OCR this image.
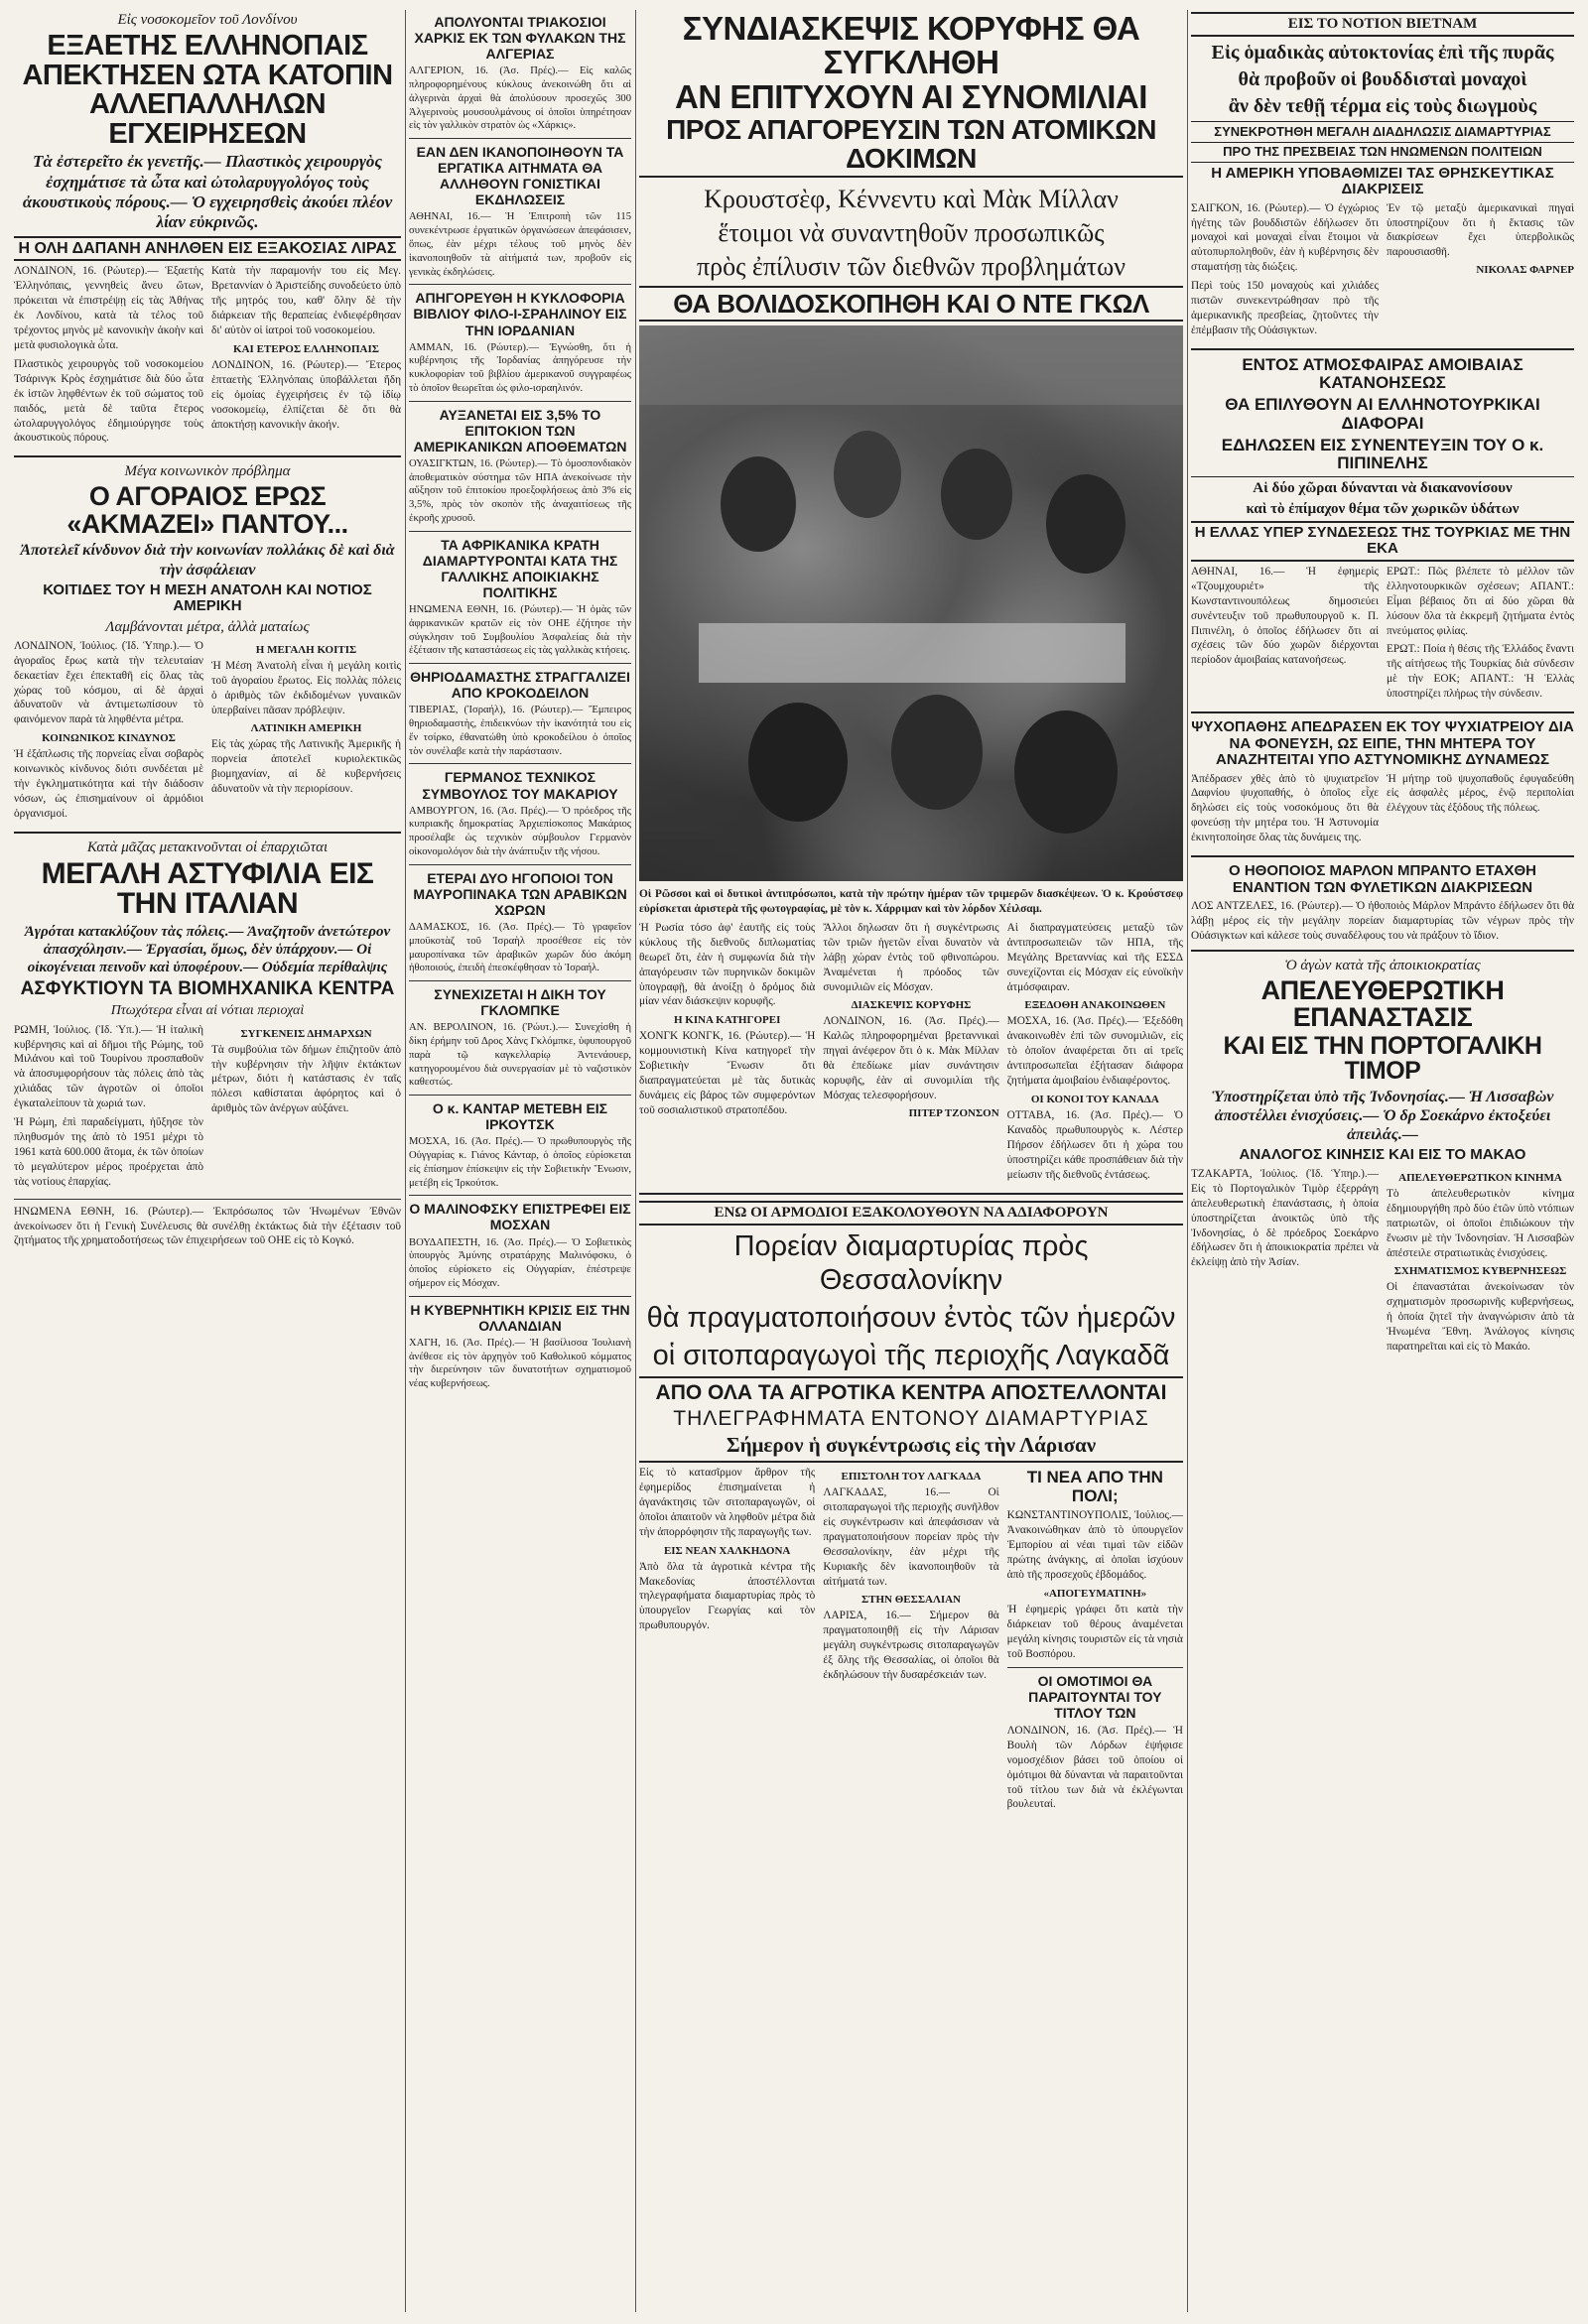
Εἰς νοσοκομεῖον τοῦ Λονδίνου
ΕΞΑΕΤΗΣ ΕΛΛΗΝΟΠΑΙΣ ΑΠΕΚΤΗΣΕΝ ΩΤΑ ΚΑΤΟΠΙΝ ΑΛΛΕΠΑΛΛΗΛΩΝ ΕΓΧΕΙΡΗΣΕΩΝ
Τὰ ἐστερεῖτο ἐκ γενετῆς.— Πλαστικὸς χειρουργὸς ἐσχημάτισε τὰ ὦτα καὶ ὠτολαρυγγολόγος τοὺς ἀκουστικοὺς πόρους.— Ὁ εγχειρησθεὶς ἀκούει πλέον λίαν εὐκρινῶς.
Η ΟΛΗ ΔΑΠΑΝΗ ΑΝΗΛΘΕΝ ΕΙΣ ΕΞΑΚΟΣΙΑΣ ΛΙΡΑΣ

ΛΟΝΔΙΝΟΝ, 16. (Ρώυτερ).— Ἑξαετὴς Ἑλληνόπαις, γεννηθεὶς ἄνευ ὤτων, πρόκειται νὰ ἐπιστρέψῃ εἰς τὰς Ἀθήνας ἐκ Λονδίνου, κατὰ τὰ τέλος τοῦ τρέχοντος μηνὸς μὲ κανονικὴν ἀκοὴν καὶ μετὰ φυσιολογικὰ ὦτα.

Πλαστικὸς χειρουργὸς τοῦ νοσοκομείου Τσάρινγκ Κρὸς ἐσχημάτισε διὰ δύο ὦτα ἐκ ἱστῶν ληφθέντων ἐκ τοῦ σώματος τοῦ παιδός, μετὰ δὲ ταῦτα ἕτερος ὠτολαρυγγολόγος ἐδημιούργησε τοὺς ἀκουστικοὺς πόρους.

Κατὰ τὴν παραμονήν του εἰς Μεγ. Βρεταννίαν ὁ Ἀριστείδης συνοδεύετο ὑπὸ τῆς μητρός του, καθ' ὅλην δὲ τὴν διάρκειαν τῆς θεραπείας ἐνδιεφέρθησαν δι' αὐτὸν οἱ ἰατροὶ τοῦ νοσοκομείου.

ΚΑΙ ΕΤΕΡΟΣ ΕΛΛΗΝΟΠΑΙΣ

ΛΟΝΔΙΝΟΝ, 16. (Ρώυτερ).— Ἕτερος ἑπταετὴς Ἑλληνόπαις ὑποβάλλεται ἤδη εἰς ὁμοίας ἐγχειρήσεις ἐν τῷ ἰδίῳ νοσοκομείῳ, ἐλπίζεται δὲ ὅτι θὰ ἀποκτήσῃ κανονικὴν ἀκοήν.

Μέγα κοινωνικὸν πρόβλημα
Ο ΑΓΟΡΑΙΟΣ ΕΡΩΣ «ΑΚΜΑΖΕΙ» ΠΑΝΤΟΥ...
Ἀποτελεῖ κίνδυνον διὰ τὴν κοινωνίαν πολλάκις δὲ καὶ διὰ τὴν ἀσφάλειαν
ΚΟΙΤΙΔΕΣ ΤΟΥ Η ΜΕΣΗ ΑΝΑΤΟΛΗ ΚΑΙ ΝΟΤΙΟΣ ΑΜΕΡΙΚΗ
Λαμβάνονται μέτρα, ἀλλὰ ματαίως

ΛΟΝΔΙΝΟΝ, Ἰούλιος. (Ἰδ. Ὑπηρ.).— Ὁ ἀγοραῖος ἔρως κατὰ τὴν τελευταίαν δεκαετίαν ἔχει ἐπεκταθῆ εἰς ὅλας τὰς χώρας τοῦ κόσμου, αἱ δὲ ἀρχαὶ ἀδυνατοῦν νὰ ἀντιμετωπίσουν τὸ φαινόμενον παρὰ τὰ ληφθέντα μέτρα.

ΚΟΙΝΩΝΙΚΟΣ ΚΙΝΔΥΝΟΣ

Ἡ ἐξάπλωσις τῆς πορνείας εἶναι σοβαρὸς κοινωνικὸς κίνδυνος διότι συνδέεται μὲ τὴν ἐγκληματικότητα καὶ τὴν διάδοσιν νόσων, ὡς ἐπισημαίνουν οἱ ἁρμόδιοι ὀργανισμοί.

Η ΜΕΓΑΛΗ ΚΟΙΤΙΣ

Ἡ Μέση Ἀνατολὴ εἶναι ἡ μεγάλη κοιτὶς τοῦ ἀγοραίου ἔρωτος. Εἰς πολλὰς πόλεις ὁ ἀριθμὸς τῶν ἐκδιδομένων γυναικῶν ὑπερβαίνει πᾶσαν πρόβλεψιν.

ΛΑΤΙΝΙΚΗ ΑΜΕΡΙΚΗ

Εἰς τὰς χώρας τῆς Λατινικῆς Ἀμερικῆς ἡ πορνεία ἀποτελεῖ κυριολεκτικῶς βιομηχανίαν, αἱ δὲ κυβερνήσεις ἀδυνατοῦν νὰ τὴν περιορίσουν.

Κατὰ μᾶζας μετακινοῦνται οἱ ἐπαρχιῶται
ΜΕΓΑΛΗ ΑΣΤΥΦΙΛΙΑ ΕΙΣ ΤΗΝ ΙΤΑΛΙΑΝ
Ἀγρόται κατακλύζουν τὰς πόλεις.— Ἀναζητοῦν ἀνετώτερον ἀπασχόλησιν.— Ἐργασίαι, ὅμως, δὲν ὑπάρχουν.— Οἱ οἰκογένειαι πεινοῦν καὶ ὑποφέρουν.— Οὐδεμία περίθαλψις
ΑΣΦΥΚΤΙΟΥΝ ΤΑ ΒΙΟΜΗΧΑΝΙΚΑ ΚΕΝΤΡΑ
Πτωχότερα εἶναι αἱ νότιαι περιοχαὶ

ΡΩΜΗ, Ἰούλιος. (Ἰδ. Ὑπ.).— Ἡ ἰταλικὴ κυβέρνησις καὶ αἱ δῆμοι τῆς Ρώμης, τοῦ Μιλάνου καὶ τοῦ Τουρίνου προσπαθοῦν νὰ ἀποσυμφορήσουν τὰς πόλεις ἀπὸ τὰς χιλιάδας τῶν ἀγροτῶν οἱ ὁποῖοι ἐγκαταλείπουν τὰ χωριά των.

Ἡ Ρώμη, ἐπὶ παραδείγματι, ἠὔξησε τὸν πληθυσμόν της ἀπὸ τὸ 1951 μέχρι τὸ 1961 κατὰ 600.000 ἄτομα, ἐκ τῶν ὁποίων τὸ μεγαλύτερον μέρος προέρχεται ἀπὸ τὰς νοτίους ἐπαρχίας.

ΣΥΓΚΕΝΕΙΣ ΔΗΜΑΡΧΩΝ

Τὰ συμβούλια τῶν δήμων ἐπιζητοῦν ἀπὸ τὴν κυβέρνησιν τὴν λῆψιν ἐκτάκτων μέτρων, διότι ἡ κατάστασις ἐν ταῖς πόλεσι καθίσταται ἀφόρητος καὶ ὁ ἀριθμὸς τῶν ἀνέργων αὐξάνει.

ΗΝΩΜΕΝΑ ΕΘΝΗ, 16. (Ρώυτερ).— Ἐκπρόσωπος τῶν Ἡνωμένων Ἐθνῶν ἀνεκοίνωσεν ὅτι ἡ Γενικὴ Συνέλευσις θὰ συνέλθῃ ἐκτάκτως διὰ τὴν ἐξέτασιν τοῦ ζητήματος τῆς χρηματοδοτήσεως τῶν ἐπιχειρήσεων τοῦ ΟΗΕ εἰς τὸ Κογκό.

ΑΠΟΛΥΟΝΤΑΙ ΤΡΙΑΚΟΣΙΟΙ ΧΑΡΚΙΣ ΕΚ ΤΩΝ ΦΥΛΑΚΩΝ ΤΗΣ ΑΛΓΕΡΙΑΣ

ΑΛΓΕΡΙΟΝ, 16. (Ἀσ. Πρές).— Εἰς καλῶς πληροφορημένους κύκλους ἀνεκοινώθη ὅτι αἱ ἀλγερινὰι ἀρχαὶ θὰ ἀπολύσουν προσεχῶς 300 Ἀλγερινοὺς μουσουλμάνους οἱ ὁποῖοι ὑπηρέτησαν εἰς τὸν γαλλικὸν στρατὸν ὡς «Χάρκις».

ΕΑΝ ΔΕΝ ΙΚΑΝΟΠΟΙΗΘΟΥΝ ΤΑ ΕΡΓΑΤΙΚΑ ΑΙΤΗΜΑΤΑ ΘΑ ΑΛΛΗΘΟΥΝ ΓΟΝΙΣΤΙΚΑΙ ΕΚΔΗΛΩΣΕΙΣ

ΑΘΗΝΑΙ, 16.— Ἡ Ἐπιτροπὴ τῶν 115 συνεκέντρωσε ἐργατικῶν ὀργανώσεων ἀπεφάσισεν, ὅπως, ἐὰν μέχρι τέλους τοῦ μηνὸς δὲν ἱκανοποιηθοῦν τὰ αἰτήματά των, προβοῦν εἰς γενικὰς ἐκδηλώσεις.

ΑΠΗΓΟΡΕΥΘΗ Η ΚΥΚΛΟΦΟΡΙΑ ΒΙΒΛΙΟΥ ΦΙΛΟ-Ι-ΣΡΑΗΛΙΝΟΥ ΕΙΣ ΤΗΝ ΙΟΡΔΑΝΙΑΝ

ΑΜΜΑΝ, 16. (Ρώυτερ).— Ἐγνώσθη, ὅτι ἡ κυβέρνησις τῆς Ἰορδανίας ἀπηγόρευσε τὴν κυκλοφορίαν τοῦ βιβλίου ἀμερικανοῦ συγγραφέως τὸ ὁποῖον θεωρεῖται ὡς φιλο-ισραηλινόν.

ΑΥΞΑΝΕΤΑΙ ΕΙΣ 3,5% ΤΟ ΕΠΙΤΟΚΙΟΝ ΤΩΝ ΑΜΕΡΙΚΑΝΙΚΩΝ ΑΠΟΘΕΜΑΤΩΝ

ΟΥΑΣΙΓΚΤΩΝ, 16. (Ρώυτερ).— Τὸ ὁμοσπονδιακὸν ἀποθεματικὸν σύστημα τῶν ΗΠΑ ἀνεκοίνωσε τὴν αὔξησιν τοῦ ἐπιτοκίου προεξοφλήσεως ἀπὸ 3% εἰς 3,5%, πρὸς τὸν σκοπὸν τῆς ἀναχαιτίσεως τῆς ἐκροῆς χρυσοῦ.

ΤΑ ΑΦΡΙΚΑΝΙΚΑ ΚΡΑΤΗ ΔΙΑΜΑΡΤΥΡΟΝΤΑΙ ΚΑΤΑ ΤΗΣ ΓΑΛΛΙΚΗΣ ΑΠΟΙΚΙΑΚΗΣ ΠΟΛΙΤΙΚΗΣ

ΗΝΩΜΕΝΑ ΕΘΝΗ, 16. (Ρώυτερ).— Ἡ ὁμὰς τῶν ἀφρικανικῶν κρατῶν εἰς τὸν ΟΗΕ ἐζήτησε τὴν σύγκλησιν τοῦ Συμβουλίου Ἀσφαλείας διὰ τὴν ἐξέτασιν τῆς καταστάσεως εἰς τὰς γαλλικὰς κτήσεις.

ΘΗΡΙΟΔΑΜΑΣΤΗΣ ΣΤΡΑΓΓΑΛΙΖΕΙ ΑΠΟ ΚΡΟΚΟΔΕΙΛΟΝ

ΤΙΒΕΡΙΑΣ, (Ἰσραήλ), 16. (Ρώυτερ).— Ἔμπειρος θηριοδαμαστὴς, ἐπιδεικνύων τὴν ἱκανότητά του εἰς ἔν τσίρκο, ἐθανατώθη ὑπὸ κροκοδείλου ὁ ὁποῖος τὸν συνέλαβε κατὰ τὴν παράστασιν.

ΓΕΡΜΑΝΟΣ ΤΕΧΝΙΚΟΣ ΣΥΜΒΟΥΛΟΣ ΤΟΥ ΜΑΚΑΡΙΟΥ

ΑΜΒΟΥΡΓΟΝ, 16. (Ἀσ. Πρές).— Ὁ πρόεδρος τῆς κυπριακῆς δημοκρατίας Ἀρχιεπίσκοπος Μακάριος προσέλαβε ὡς τεχνικὸν σύμβουλον Γερμανὸν οἰκονομολόγον διὰ τὴν ἀνάπτυξιν τῆς νήσου.

ΕΤΕΡΑΙ ΔΥΟ ΗΓΟΠΟΙΟΙ ΤΟΝ ΜΑΥΡΟΠΙΝΑΚΑ ΤΩΝ ΑΡΑΒΙΚΩΝ ΧΩΡΩΝ

ΔΑΜΑΣΚΟΣ, 16. (Ἀσ. Πρές).— Τὸ γραφεῖον μποϋκοτὰζ τοῦ Ἰσραὴλ προσέθεσε εἰς τὸν μαυροπίνακα τῶν ἀραβικῶν χωρῶν δύο ἀκόμη ἠθοποιούς, ἐπειδὴ ἐπεσκέφθησαν τὸ Ἰσραήλ.

ΣΥΝΕΧΙΖΕΤΑΙ Η ΔΙΚΗ ΤΟΥ ΓΚΛΟΜΠΚΕ

ΑΝ. ΒΕΡΟΛΙΝΟΝ, 16. (Ῥώυτ.).— Συνεχίσθη ἡ δίκη ἐρήμην τοῦ Δρος Χὰνς Γκλόμπκε, ὑφυπουργοῦ παρὰ τῷ καγκελλαρίῳ Ἀντενάουερ, κατηγορουμένου διὰ συνεργασίαν μὲ τὸ ναζιστικὸν καθεστώς.

Ο κ. ΚΑΝΤΑΡ ΜΕΤΕΒΗ ΕΙΣ ΙΡΚΟΥΤΣΚ

ΜΟΣΧΑ, 16. (Ἀσ. Πρές).— Ὁ πρωθυπουργὸς τῆς Οὑγγαρίας κ. Γιάνος Κάνταρ, ὁ ὁποῖος εὑρίσκεται εἰς ἐπίσημον ἐπίσκεψιν εἰς τὴν Σοβιετικὴν Ἕνωσιν, μετέβη εἰς Ἰρκούτσκ.

Ο ΜΑΛΙΝΟΦΣΚΥ ΕΠΙΣΤΡΕΦΕΙ ΕΙΣ ΜΟΣΧΑΝ

ΒΟΥΔΑΠΕΣΤΗ, 16. (Ἀσ. Πρές).— Ὁ Σοβιετικὸς ὑπουργὸς Ἀμύνης στρατάρχης Μαλινόφσκυ, ὁ ὁποῖος εὑρίσκετο εἰς Οὑγγαρίαν, ἐπέστρεψε σήμερον εἰς Μόσχαν.

Η ΚΥΒΕΡΝΗΤΙΚΗ ΚΡΙΣΙΣ ΕΙΣ ΤΗΝ ΟΛΛΑΝΔΙΑΝ

ΧΑΓΗ, 16. (Ἀσ. Πρές).— Ἡ βασίλισσα Ἰουλιανὴ ἀνέθεσε εἰς τὸν ἀρχηγὸν τοῦ Καθολικοῦ κόμματος τὴν διερεύνησιν τῶν δυνατοτήτων σχηματισμοῦ νέας κυβερνήσεως.

ΣΥΝΔΙΑΣΚΕΨΙΣ ΚΟΡΥΦΗΣ ΘΑ ΣΥΓΚΛΗΘΗ
ΑΝ ΕΠΙΤΥΧΟΥΝ ΑΙ ΣΥΝΟΜΙΛΙΑΙ
ΠΡΟΣ ΑΠΑΓΟΡΕΥΣΙΝ ΤΩΝ ΑΤΟΜΙΚΩΝ ΔΟΚΙΜΩΝ
Κρουστσὲφ, Κέννεντυ καὶ Μὰκ Μίλλαν
ἕτοιμοι νὰ συναντηθοῦν προσωπικῶς
πρὸς ἐπίλυσιν τῶν διεθνῶν προβλημάτων
ΘΑ ΒΟΛΙΔΟΣΚΟΠΗΘΗ ΚΑΙ Ο ΝΤΕ ΓΚΩΛ

Οἱ Ρῶσσοι καὶ οἱ δυτικοὶ ἀντιπρόσωποι, κατὰ τὴν πρώτην ἡμέραν τῶν τριμερῶν διασκέψεων. Ὁ κ. Κρούστσεφ εὑρίσκεται ἀριστερὰ τῆς φωτογραφίας, μὲ τὸν κ. Χάρριμαν καὶ τὸν λόρδον Χέιλσαμ.

Ἡ Ρωσία τόσο ἀφ' ἑαυτῆς εἰς τοὺς κύκλους τῆς διεθνοῦς διπλωματίας θεωρεῖ ὅτι, ἐὰν ἡ συμφωνία διὰ τὴν ἀπαγόρευσιν τῶν πυρηνικῶν δοκιμῶν ὑπογραφῇ, θὰ ἀνοίξῃ ὁ δρόμος διὰ μίαν νέαν διάσκεψιν κορυφῆς.

Η ΚΙΝΑ ΚΑΤΗΓΟΡΕΙ

ΧΟΝΓΚ ΚΟΝΓΚ, 16. (Ρώυτερ).— Ἡ κομμουνιστικὴ Κίνα κατηγορεῖ τὴν Σοβιετικὴν Ἕνωσιν ὅτι διαπραγματεύεται μὲ τὰς δυτικὰς δυνάμεις εἰς βάρος τῶν συμφερόντων τοῦ σοσιαλιστικοῦ στρατοπέδου.

Ἄλλοι δηλωσαν ὅτι ἡ συγκέντρωσις τῶν τριῶν ἡγετῶν εἶναι δυνατὸν νὰ λάβῃ χώραν ἐντὸς τοῦ φθινοπώρου. Ἀναμένεται ἡ πρόοδος τῶν συνομιλιῶν εἰς Μόσχαν.

ΔΙΑΣΚΕΨΙΣ ΚΟΡΥΦΗΣ

ΛΟΝΔΙΝΟΝ, 16. (Ἀσ. Πρές).— Καλῶς πληροφορημέναι βρεταννικαὶ πηγαὶ ἀνέφερον ὅτι ὁ κ. Μὰκ Μίλλαν θὰ ἐπεδίωκε μίαν συνάντησιν κορυφῆς, ἐὰν αἱ συνομιλίαι τῆς Μόσχας τελεσφορήσουν.

ΠΙΤΕΡ ΤΖΟΝΣΟΝ

Αἱ διαπραγματεύσεις μεταξὺ τῶν ἀντιπροσωπειῶν τῶν ΗΠΑ, τῆς Μεγάλης Βρεταννίας καὶ τῆς ΕΣΣΔ συνεχίζονται εἰς Μόσχαν εἰς εὐνοϊκὴν ἀτμόσφαιραν.

ΕΞΕΔΟΘΗ ΑΝΑΚΟΙΝΩΘΕΝ

ΜΟΣΧΑ, 16. (Ἀσ. Πρές).— Ἐξεδόθη ἀνακοινωθὲν ἐπὶ τῶν συνομιλιῶν, εἰς τὸ ὁποῖον ἀναφέρεται ὅτι αἱ τρεῖς ἀντιπροσωπεῖαι ἐξήτασαν διάφορα ζητήματα ἀμοιβαίου ἐνδιαφέροντος.

ΟΙ ΚΟΝΟΙ ΤΟΥ ΚΑΝΑΔΑ

ΟΤΤΑΒΑ, 16. (Ἀσ. Πρές).— Ὁ Καναδὸς πρωθυπουργὸς κ. Λέστερ Πήρσον ἐδήλωσεν ὅτι ἡ χώρα του ὑποστηρίζει κάθε προσπάθειαν διὰ τὴν μείωσιν τῆς διεθνοῦς ἐντάσεως.

ΕΝΩ ΟΙ ΑΡΜΟΔΙΟΙ ΕΞΑΚΟΛΟΥΘΟΥΝ ΝΑ ΑΔΙΑΦΟΡΟΥΝ
Πορείαν διαμαρτυρίας πρὸς Θεσσαλονίκην
θὰ πραγματοποιήσουν ἐντὸς τῶν ἡμερῶν
οἱ σιτοπαραγωγοὶ τῆς περιοχῆς Λαγκαδᾶ
ΑΠΟ ΟΛΑ ΤΑ ΑΓΡΟΤΙΚΑ ΚΕΝΤΡΑ ΑΠΟΣΤΕΛΛΟΝΤΑΙ
ΤΗΛΕΓΡΑΦΗΜΑΤΑ ΕΝΤΟΝΟΥ ΔΙΑΜΑΡΤΥΡΙΑΣ
Σήμερον ἡ συγκέντρωσις εἰς τὴν Λάρισαν

Εἰς τὸ κατασῖρμον ἄρθρον τῆς ἐφημερίδος ἐπισημαίνεται ἡ ἀγανάκτησις τῶν σιτοπαραγωγῶν, οἱ ὁποῖοι ἀπαιτοῦν νὰ ληφθοῦν μέτρα διὰ τὴν ἀπορρόφησιν τῆς παραγωγῆς των.

ΕΙΣ ΝΕΑΝ ΧΑΛΚΗΔΟΝΑ

Ἀπὸ ὅλα τὰ ἀγροτικὰ κέντρα τῆς Μακεδονίας ἀποστέλλονται τηλεγραφήματα διαμαρτυρίας πρὸς τὸ ὑπουργεῖον Γεωργίας καὶ τὸν πρωθυπουργόν.

ΕΠΙΣΤΟΛΗ ΤΟΥ ΛΑΓΚΑΔΑ

ΛΑΓΚΑΔΑΣ, 16.— Οἱ σιτοπαραγωγοὶ τῆς περιοχῆς συνῆλθον εἰς συγκέντρωσιν καὶ ἀπεφάσισαν νὰ πραγματοποιήσουν πορείαν πρὸς τὴν Θεσσαλονίκην, ἐὰν μέχρι τῆς Κυριακῆς δὲν ἱκανοποιηθοῦν τὰ αἰτήματά των.

ΣΤΗΝ ΘΕΣΣΑΛΙΑΝ

ΛΑΡΙΣΑ, 16.— Σήμερον θὰ πραγματοποιηθῇ εἰς τὴν Λάρισαν μεγάλη συγκέντρωσις σιτοπαραγωγῶν ἐξ ὅλης τῆς Θεσσαλίας, οἱ ὁποῖοι θὰ ἐκδηλώσουν τὴν δυσαρέσκειάν των.

ΤΙ ΝΕΑ ΑΠΟ ΤΗΝ ΠΟΛΙ;

ΚΩΝΣΤΑΝΤΙΝΟΥΠΟΛΙΣ, Ἰούλιος.— Ἀνακοινώθηκαν ἀπὸ τὸ ὑπουργεῖον Ἐμπορίου αἱ νέαι τιμαὶ τῶν εἰδῶν πρώτης ἀνάγκης, αἱ ὁποῖαι ἰσχύουν ἀπὸ τῆς προσεχοῦς ἑβδομάδος.

«ΑΠΟΓΕΥΜΑΤΙΝΗ»

Ἡ ἐφημερὶς γράφει ὅτι κατὰ τὴν διάρκειαν τοῦ θέρους ἀναμένεται μεγάλη κίνησις τουριστῶν εἰς τὰ νησιὰ τοῦ Βοσπόρου.

ΟΙ ΟΜΟΤΙΜΟΙ ΘΑ ΠΑΡΑΙΤΟΥΝΤΑΙ ΤΟΥ ΤΙΤΛΟΥ ΤΩΝ

ΛΟΝΔΙΝΟΝ, 16. (Ἀσ. Πρές).— Ἡ Βουλὴ τῶν Λόρδων ἐψήφισε νομοσχέδιον βάσει τοῦ ὁποίου οἱ ὁμότιμοι θὰ δύνανται νὰ παραιτοῦνται τοῦ τίτλου των διὰ νὰ ἐκλέγωνται βουλευταί.

ΕΙΣ ΤΟ ΝΟΤΙΟΝ ΒΙΕΤΝΑΜ
Εἰς ὁμαδικὰς αὐτοκτονίας ἐπὶ τῆς πυρᾶς
θὰ προβοῦν οἱ βουδδισταὶ μοναχοὶ
ἂν δὲν τεθῇ τέρμα εἰς τοὺς διωγμοὺς
ΣΥΝΕΚΡΟΤΗΘΗ ΜΕΓΑΛΗ ΔΙΑΔΗΛΩΣΙΣ ΔΙΑΜΑΡΤΥΡΙΑΣ
ΠΡΟ ΤΗΣ ΠΡΕΣΒΕΙΑΣ ΤΩΝ ΗΝΩΜΕΝΩΝ ΠΟΛΙΤΕΙΩΝ
Η ΑΜΕΡΙΚΗ ΥΠΟΒΑΘΜΙΖΕΙ ΤΑΣ ΘΡΗΣΚΕΥΤΙΚΑΣ ΔΙΑΚΡΙΣΕΙΣ

ΣΑΙΓΚΟΝ, 16. (Ρώυτερ).— Ὁ ἐγχώριος ἡγέτης τῶν βουδδιστῶν ἐδήλωσεν ὅτι μοναχοὶ καὶ μοναχαὶ εἶναι ἕτοιμοι νὰ αὐτοπυρποληθοῦν, ἐὰν ἡ κυβέρνησις δὲν σταματήσῃ τὰς διώξεις.

Περὶ τοὺς 150 μοναχοὺς καὶ χιλιάδες πιστῶν συνεκεντρώθησαν πρὸ τῆς ἀμερικανικῆς πρεσβείας, ζητοῦντες τὴν ἐπέμβασιν τῆς Οὐάσιγκτων.

Ἐν τῷ μεταξὺ ἀμερικανικαὶ πηγαὶ ὑποστηρίζουν ὅτι ἡ ἔκτασις τῶν διακρίσεων ἔχει ὑπερβολικῶς παρουσιασθῆ.

ΝΙΚΟΛΑΣ ΦΑΡΝΕΡ
ΕΝΤΟΣ ΑΤΜΟΣΦΑΙΡΑΣ ΑΜΟΙΒΑΙΑΣ ΚΑΤΑΝΟΗΣΕΩΣ
ΘΑ ΕΠΙΛΥΘΟΥΝ ΑΙ ΕΛΛΗΝΟΤΟΥΡΚΙΚΑΙ ΔΙΑΦΟΡΑΙ
ΕΔΗΛΩΣΕΝ ΕΙΣ ΣΥΝΕΝΤΕΥΞΙΝ ΤΟΥ Ο κ. ΠΙΠΙΝΕΛΗΣ
Αἱ δύο χῶραι δύνανται νὰ διακανονίσουν
καὶ τὸ ἐπίμαχον θέμα τῶν χωρικῶν ὑδάτων
Η ΕΛΛΑΣ ΥΠΕΡ ΣΥΝΔΕΣΕΩΣ ΤΗΣ ΤΟΥΡΚΙΑΣ ΜΕ ΤΗΝ ΕΚΑ

ΑΘΗΝΑΙ, 16.— Ἡ ἐφημερὶς «Τζουμχουριέτ» τῆς Κωνσταντινουπόλεως δημοσιεύει συνέντευξιν τοῦ πρωθυπουργοῦ κ. Π. Πιπινέλη, ὁ ὁποῖος ἐδήλωσεν ὅτι αἱ σχέσεις τῶν δύο χωρῶν διέρχονται περίοδον ἀμοιβαίας κατανοήσεως.

ΕΡΩΤ.: Πῶς βλέπετε τὸ μέλλον τῶν ἑλληνοτουρκικῶν σχέσεων; ΑΠΑΝΤ.: Εἶμαι βέβαιος ὅτι αἱ δύο χῶραι θὰ λύσουν ὅλα τὰ ἐκκρεμῆ ζητήματα ἐντὸς πνεύματος φιλίας.

ΕΡΩΤ.: Ποία ἡ θέσις τῆς Ἑλλάδος ἔναντι τῆς αἰτήσεως τῆς Τουρκίας διὰ σύνδεσιν μὲ τὴν ΕΟΚ; ΑΠΑΝΤ.: Ἡ Ἑλλὰς ὑποστηρίζει πλήρως τὴν σύνδεσιν.

ΨΥΧΟΠΑΘΗΣ ΑΠΕΔΡΑΣΕΝ ΕΚ ΤΟΥ ΨΥΧΙΑΤΡΕΙΟΥ ΔΙΑ ΝΑ ΦΟΝΕΥΣΗ, ΩΣ ΕΙΠΕ, ΤΗΝ ΜΗΤΕΡΑ ΤΟΥ ΑΝΑΖΗΤΕΙΤΑΙ ΥΠΟ ΑΣΤΥΝΟΜΙΚΗΣ ΔΥΝΑΜΕΩΣ

Ἀπέδρασεν χθὲς ἀπὸ τὸ ψυχιατρεῖον Δαφνίου ψυχοπαθής, ὁ ὁποῖος εἶχε δηλώσει εἰς τοὺς νοσοκόμους ὅτι θὰ φονεύσῃ τὴν μητέρα του. Ἡ Ἀστυνομία ἐκινητοποίησε ὅλας τὰς δυνάμεις της.

Ἡ μήτηρ τοῦ ψυχοπαθοῦς ἐφυγαδεύθη εἰς ἀσφαλὲς μέρος, ἐνῷ περιπολίαι ἐλέγχουν τὰς ἐξόδους τῆς πόλεως.

Ο ΗΘΟΠΟΙΟΣ ΜΑΡΛΟΝ ΜΠΡΑΝΤΟ ΕΤΑΧΘΗ ΕΝΑΝΤΙΟΝ ΤΩΝ ΦΥΛΕΤΙΚΩΝ ΔΙΑΚΡΙΣΕΩΝ

ΛΟΣ ΑΝΤΖΕΛΕΣ, 16. (Ρώυτερ).— Ὁ ἠθοποιὸς Μάρλον Μπράντο ἐδήλωσεν ὅτι θὰ λάβῃ μέρος εἰς τὴν μεγάλην πορείαν διαμαρτυρίας τῶν νέγρων πρὸς τὴν Οὐάσιγκτων καὶ κάλεσε τοὺς συναδέλφους του νὰ πράξουν τὸ ἴδιον.

Ὁ ἀγὼν κατὰ τῆς ἀποικιοκρατίας
ΑΠΕΛΕΥΘΕΡΩΤΙΚΗ ΕΠΑΝΑΣΤΑΣΙΣ
ΚΑΙ ΕΙΣ ΤΗΝ ΠΟΡΤΟΓΑΛΙΚΗ ΤΙΜΟΡ
Ὑποστηρίζεται ὑπὸ τῆς Ἰνδονησίας.— Ἡ Λισσαβὼν ἀποστέλλει ἐνισχύσεις.— Ὁ δρ Σοεκάρνο ἐκτοξεύει ἀπειλάς.—
ΑΝΑΛΟΓΟΣ ΚΙΝΗΣΙΣ ΚΑΙ ΕΙΣ ΤΟ ΜΑΚΑΟ

ΤΖΑΚΑΡΤΑ, Ἰούλιος. (Ἰδ. Ὑπηρ.).— Εἰς τὸ Πορτογαλικὸν Τιμὸρ ἐξερράγη ἀπελευθερωτικὴ ἐπανάστασις, ἡ ὁποία ὑποστηρίζεται ἀνοικτῶς ὑπὸ τῆς Ἰνδονησίας, ὁ δὲ πρόεδρος Σοεκάρνο ἐδήλωσεν ὅτι ἡ ἀποικιοκρατία πρέπει νὰ ἐκλείψῃ ἀπὸ τὴν Ἀσίαν.

ΑΠΕΛΕΥΘΕΡΩΤΙΚΟΝ ΚΙΝΗΜΑ

Τὸ ἀπελευθερωτικὸν κίνημα ἐδημιουργήθη πρὸ δύο ἐτῶν ὑπὸ ντόπιων πατριωτῶν, οἱ ὁποῖοι ἐπιδιώκουν τὴν ἕνωσιν μὲ τὴν Ἰνδονησίαν. Ἡ Λισσαβὼν ἀπέστειλε στρατιωτικὰς ἐνισχύσεις.

ΣΧΗΜΑΤΙΣΜΟΣ ΚΥΒΕΡΝΗΣΕΩΣ

Οἱ ἐπαναστάται ἀνεκοίνωσαν τὸν σχηματισμὸν προσωρινῆς κυβερνήσεως, ἡ ὁποία ζητεῖ τὴν ἀναγνώρισιν ἀπὸ τὰ Ἡνωμένα Ἔθνη. Ἀνάλογος κίνησις παρατηρεῖται καὶ εἰς τὸ Μακάο.
